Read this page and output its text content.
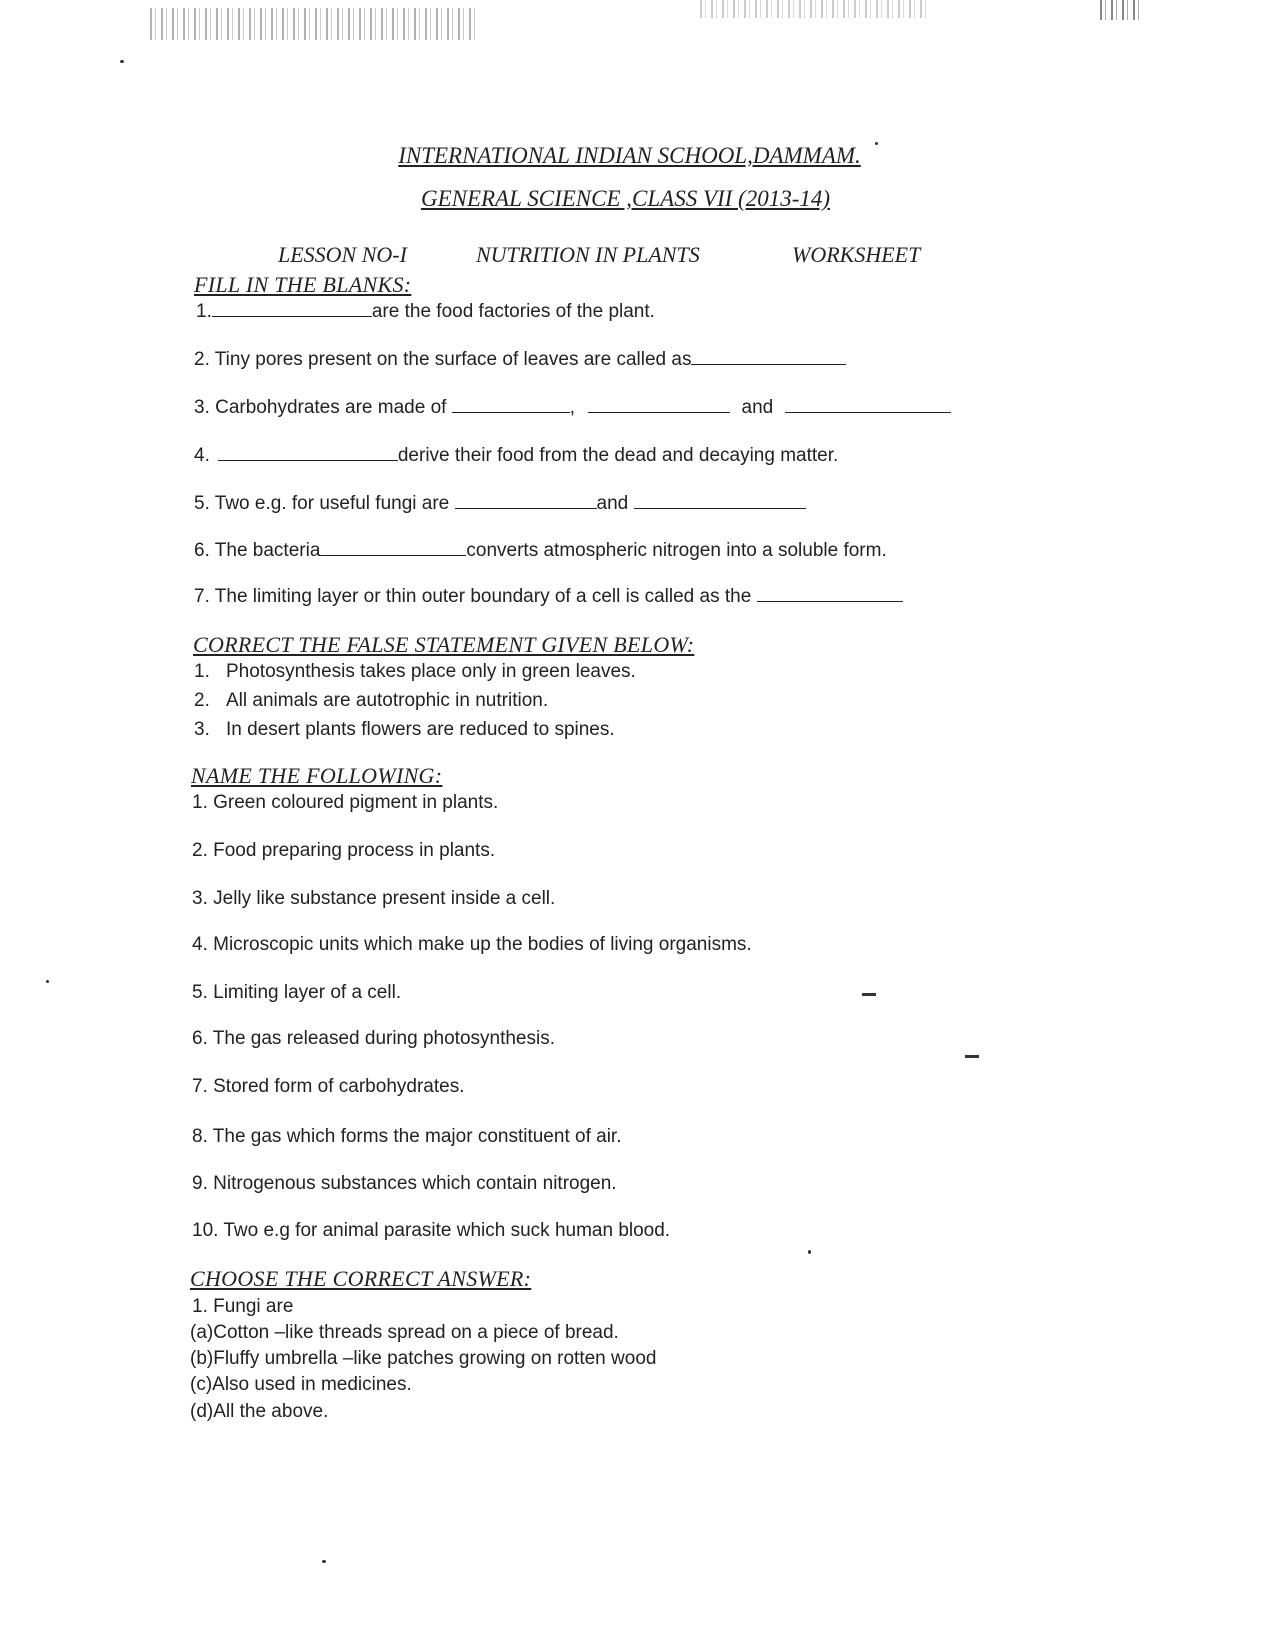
INTERNATIONAL INDIAN SCHOOL,DAMMAM.
GENERAL SCIENCE ,CLASS VII (2013-14)
LESSON NO-I	NUTRITION IN PLANTS	WORKSHEET
FILL IN THE BLANKS:
1.	are the food factories of the plant.
2. Tiny pores present on the surface of leaves are called as
3. Carbohydrates are made of	,	and
4.	derive their food from the dead and decaying matter.
5. Two e.g. for useful fungi are	and
6. The bacteria	converts atmospheric nitrogen into a soluble form.
7. The limiting layer or thin outer boundary of a cell is called as the
CORRECT THE FALSE STATEMENT GIVEN BELOW:
1. Photosynthesis takes place only in green leaves.
2. All animals are autotrophic in nutrition.
3. In desert plants flowers are reduced to spines.
NAME THE FOLLOWING:
1. Green coloured pigment in plants.
2. Food preparing process in plants.
3. Jelly like substance present inside a cell.
4. Microscopic units which make up the bodies of living organisms.
5. Limiting layer of a cell.
6. The gas released during photosynthesis.
7. Stored form of carbohydrates.
8. The gas which forms the major constituent of air.
9. Nitrogenous substances which contain nitrogen.
10. Two e.g for animal parasite which suck human blood.
CHOOSE THE CORRECT ANSWER:
1. Fungi are
(a)Cotton –like threads spread on a piece of bread.
(b)Fluffy umbrella –like patches growing on rotten wood
(c)Also used in medicines.
(d)All the above.
